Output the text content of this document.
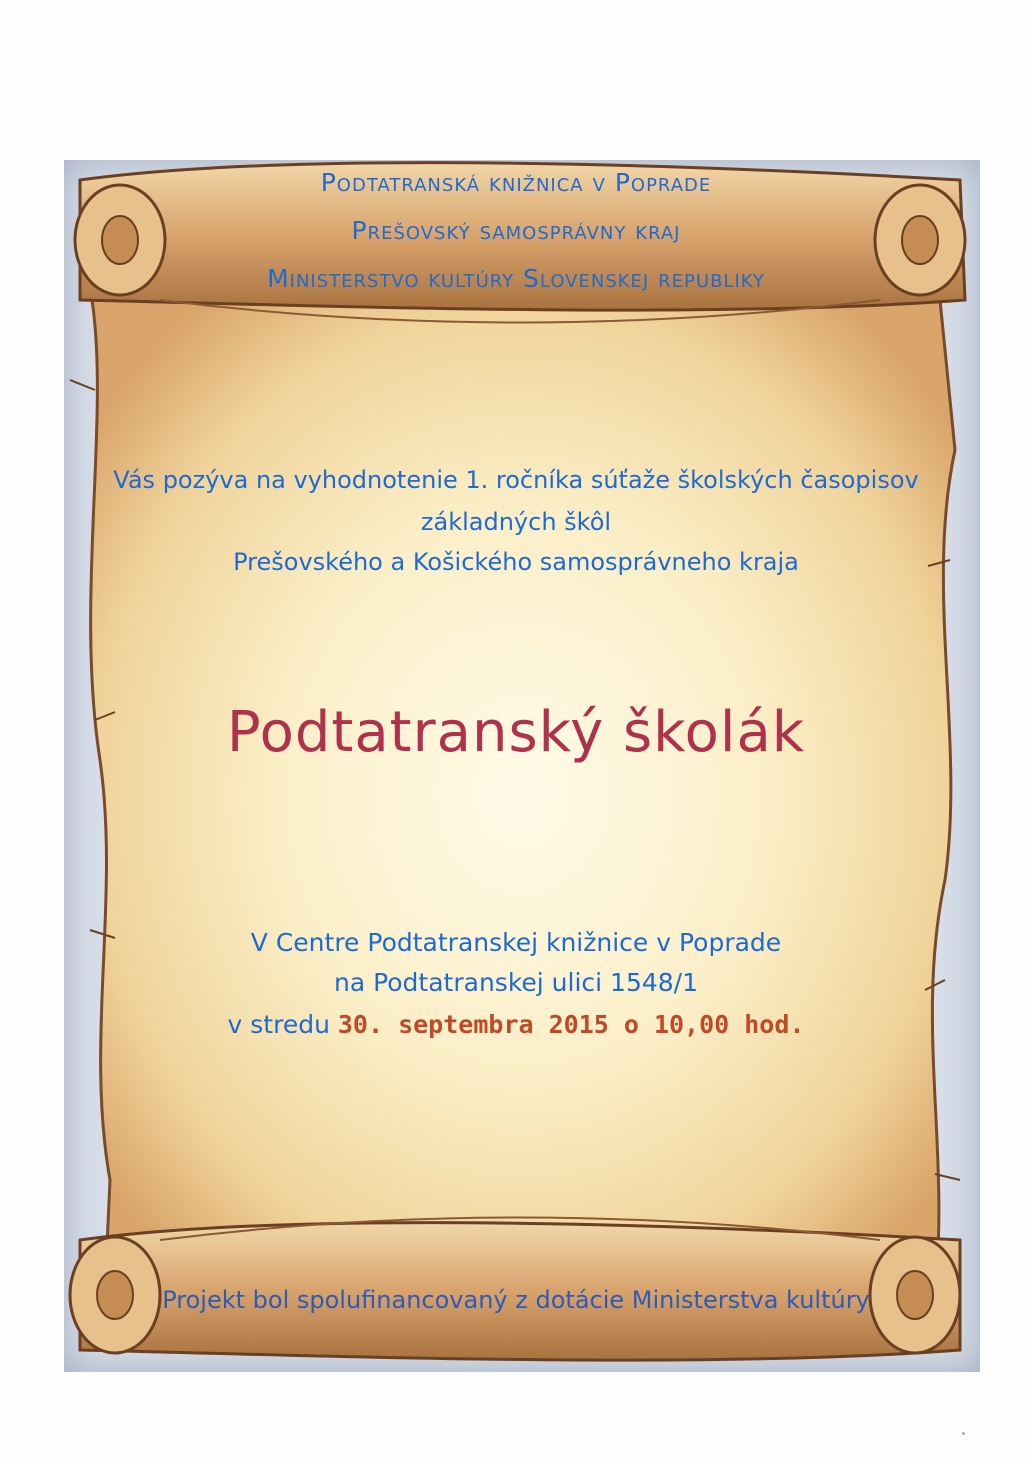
Podtatranská knižnica v Poprade
Prešovský samosprávny kraj
Ministerstvo kultúry Slovenskej republiky
Vás pozýva na vyhodnotenie 1. ročníka súťaže školských časopisov
základných škôl
Prešovského a Košického samosprávneho kraja
Podtatranský školák
V Centre Podtatranskej knižnice v Poprade
na Podtatranskej ulici 1548/1
v stredu 30. septembra 2015 o 10,00 hod.
Projekt bol spolufinancovaný z dotácie Ministerstva kultúry
